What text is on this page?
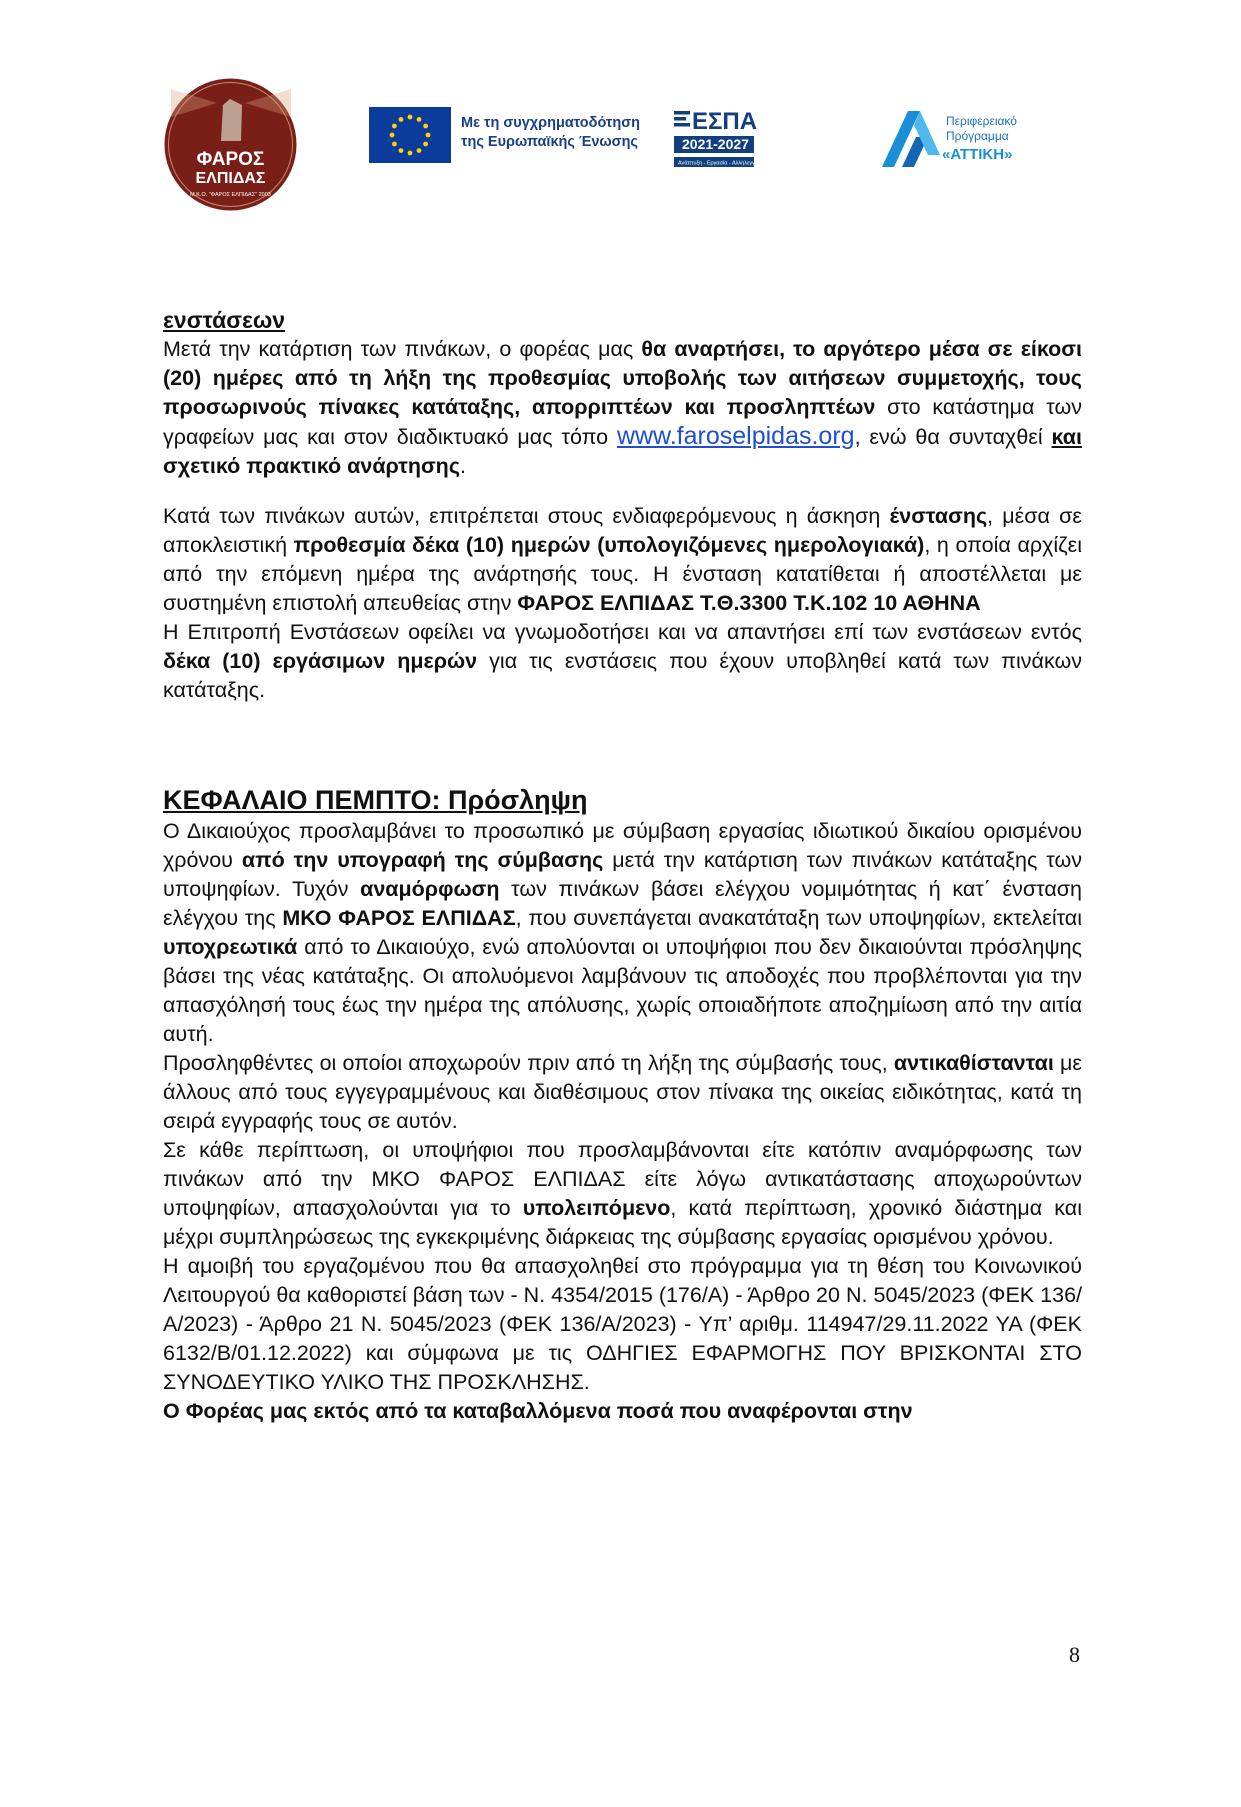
ΦΑΡΟΣ
ΕΛΠΙΔΑΣ
Μ.Κ.Ο. "ΦΑΡΟΣ ΕΛΠΙΔΑΣ" 2003
Με τη συγχρηματοδότηση
της Ευρωπαϊκής Ένωσης
ΕΣΠΑ
2021-2027
Ανάπτυξη - Εργασία - Αλληλεγγύη
Περιφερειακό
Πρόγραμμα
«ΑΤΤΙΚΗ»

ενστάσεων

Μετά την κατάρτιση των πινάκων, ο φορέας μας θα αναρτήσει, το αργότερο μέσα σε είκοσι (20) ημέρες από τη λήξη της προθεσμίας υποβολής των αιτήσεων συμμετοχής, τους προσωρινούς πίνακες κατάταξης, απορριπτέων και προσληπτέων στο κατάστημα των γραφείων μας και στον διαδικτυακό μας τόπο www.faroselpidas.org, ενώ θα συνταχθεί και σχετικό πρακτικό ανάρτησης.

Κατά των πινάκων αυτών, επιτρέπεται στους ενδιαφερόμενους η άσκηση ένστασης, μέσα σε αποκλειστική προθεσμία δέκα (10) ημερών (υπολογιζόμενες ημερολογιακά), η οποία αρχίζει από την επόμενη ημέρα της ανάρτησής τους. Η ένσταση κατατίθεται ή αποστέλλεται με συστημένη επιστολή απευθείας στην ΦΑΡΟΣ ΕΛΠΙΔΑΣ Τ.Θ.3300 Τ.Κ.102 10 ΑΘΗΝΑ

Η Επιτροπή Ενστάσεων οφείλει να γνωμοδοτήσει και να απαντήσει επί των ενστάσεων εντός δέκα (10) εργάσιμων ημερών για τις ενστάσεις που έχουν υποβληθεί κατά των πινάκων κατάταξης.

ΚΕΦΑΛΑΙΟ ΠΕΜΠΤΟ: Πρόσληψη

Ο Δικαιούχος προσλαμβάνει το προσωπικό με σύμβαση εργασίας ιδιωτικού δικαίου ορισμένου χρόνου από την υπογραφή της σύμβασης μετά την κατάρτιση των πινάκων κατάταξης των υποψηφίων. Τυχόν αναμόρφωση των πινάκων βάσει ελέγχου νομιμότητας ή κατ΄ ένσταση ελέγχου της ΜΚΟ ΦΑΡΟΣ ΕΛΠΙΔΑΣ, που συνεπάγεται ανακατάταξη των υποψηφίων, εκτελείται υποχρεωτικά από το Δικαιούχο, ενώ απολύονται οι υποψήφιοι που δεν δικαιούνται πρόσληψης βάσει της νέας κατάταξης. Οι απολυόμενοι λαμβάνουν τις αποδοχές που προβλέπονται για την απασχόλησή τους έως την ημέρα της απόλυσης, χωρίς οποιαδήποτε αποζημίωση από την αιτία αυτή.

Προσληφθέντες οι οποίοι αποχωρούν πριν από τη λήξη της σύμβασής τους, αντικαθίστανται με άλλους από τους εγγεγραμμένους και διαθέσιμους στον πίνακα της οικείας ειδικότητας, κατά τη σειρά εγγραφής τους σε αυτόν.

Σε κάθε περίπτωση, οι υποψήφιοι που προσλαμβάνονται είτε κατόπιν αναμόρφωσης των πινάκων από την ΜΚΟ ΦΑΡΟΣ ΕΛΠΙΔΑΣ είτε λόγω αντικατάστασης αποχωρούντων υποψηφίων, απασχολούνται για το υπολειπόμενο, κατά περίπτωση, χρονικό διάστημα και μέχρι συμπληρώσεως της εγκεκριμένης διάρκειας της σύμβασης εργασίας ορισμένου χρόνου.

Η αμοιβή του εργαζομένου που θα απασχοληθεί στο πρόγραμμα για τη θέση του Κοινωνικού Λειτουργού θα καθοριστεί βάση των - Ν. 4354/2015 (176/Α) - Άρθρο 20 Ν. 5045/2023 (ΦΕΚ 136/Α/2023) - Άρθρο 21 Ν. 5045/2023 (ΦΕΚ 136/Α/2023) - Υπ’ αριθμ. 114947/29.11.2022 ΥΑ (ΦΕΚ 6132/Β/01.12.2022) και σύμφωνα με τις ΟΔΗΓΙΕΣ ΕΦΑΡΜΟΓΗΣ ΠΟΥ ΒΡΙΣΚΟΝΤΑΙ ΣΤΟ ΣΥΝΟΔΕΥΤΙΚΟ ΥΛΙΚΟ ΤΗΣ ΠΡΟΣΚΛΗΣΗΣ.

Ο Φορέας μας εκτός από τα καταβαλλόμενα ποσά που αναφέρονται στην

8
